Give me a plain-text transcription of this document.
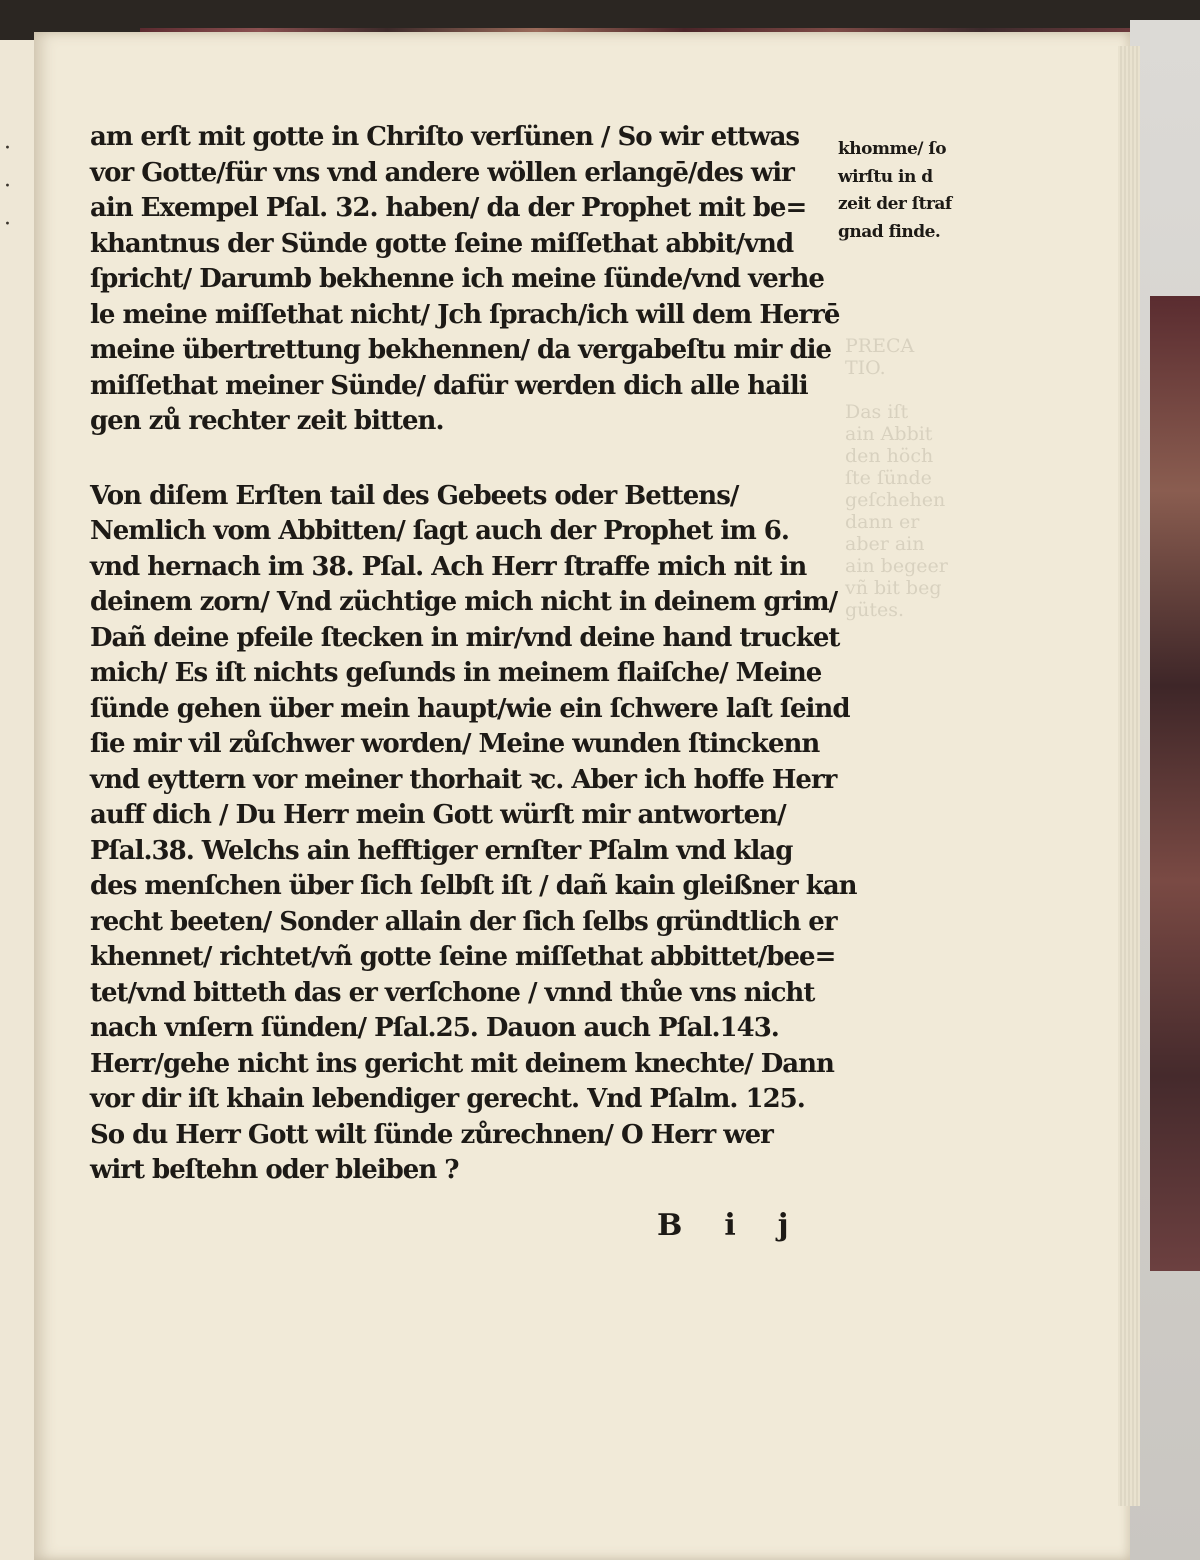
·
·
·
PRECA
TIO.

Das iſt
ain Abbit
den höch
ſte ſünde
geſchehen
dann er
aber ain
ain begeer
vñ bit beg
gütes.
am erſt mit gotte in Chriſto verſünen / So wir ettwas
vor Gotte/für vns vnd andere wöllen erlangē/des wir
ain Exempel Pſal. 32. haben/ da der Prophet mit be=
khantnus der Sünde gotte ſeine miſſethat abbit/vnd
ſpricht/ Darumb bekhenne ich meine ſünde/vnd verhe
le meine miſſethat nicht/ Jch ſprach/ich will dem Herrē
meine übertrettung bekhennen/ da vergabeſtu mir die
miſſethat meiner Sünde/ dafür werden dich alle haili
gen zů rechter zeit bitten.
Von diſem Erſten tail des Gebeets oder Bettens/
Nemlich vom Abbitten/ ſagt auch der Prophet im 6.
vnd hernach im 38. Pſal. Ach Herr ſtraffe mich nit in
deinem zorn/ Vnd züchtige mich nicht in deinem grim/
Dañ deine pfeile ſtecken in mir/vnd deine hand trucket
mich/ Es iſt nichts geſunds in meinem flaiſche/ Meine
ſünde gehen über mein haupt/wie ein ſchwere laſt ſeind
ſie mir vil zůſchwer worden/ Meine wunden ſtinckenn
vnd eyttern vor meiner thorhait ꝛc. Aber ich hoffe Herr
auff dich / Du Herr mein Gott würſt mir antworten/
Pſal.38. Welchs ain hefftiger ernſter Pſalm vnd klag
des menſchen über ſich ſelbſt iſt / dañ kain gleißner kan
recht beeten/ Sonder allain der ſich ſelbs gründtlich er
khennet/ richtet/vñ gotte ſeine miſſethat abbittet/bee=
tet/vnd bitteth das er verſchone / vnnd thůe vns nicht
nach vnſern ſünden/ Pſal.25. Dauon auch Pſal.143.
Herr/gehe nicht ins gericht mit deinem knechte/ Dann
vor dir iſt khain lebendiger gerecht. Vnd Pſalm. 125.
So du Herr Gott wilt ſünde zůrechnen/ O Herr wer
wirt beſtehn oder bleiben ?
khomme/ ſo
wirſtu in d
zeit der ſtraf
gnad finde.
Bij
